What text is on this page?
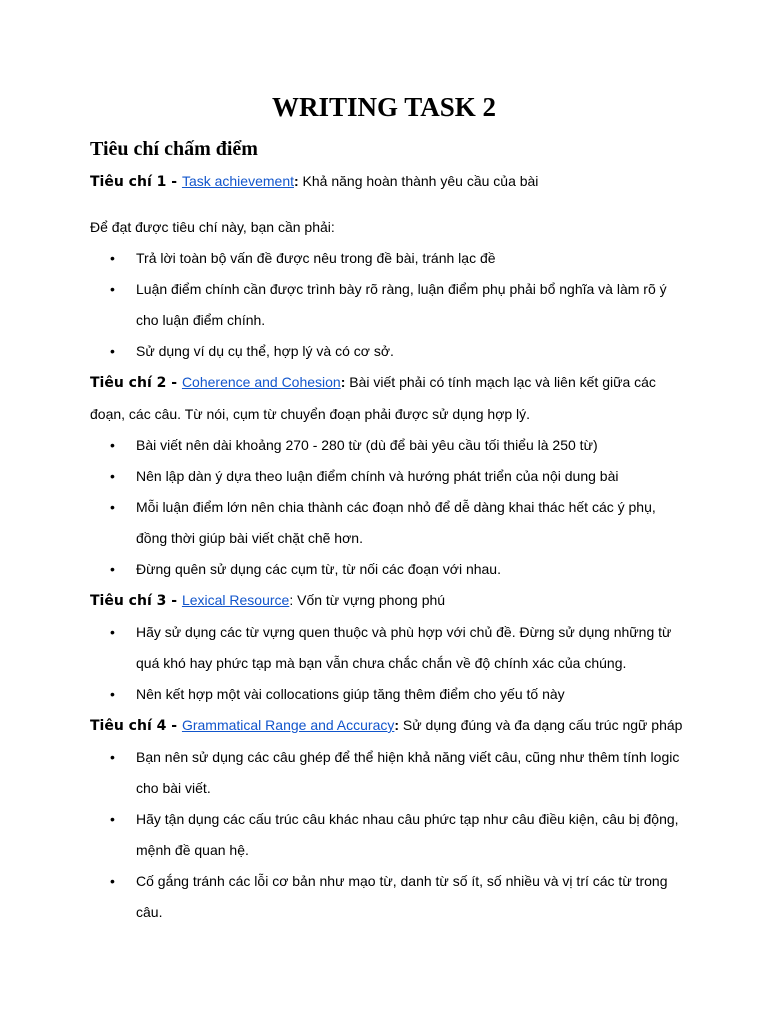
WRITING TASK 2
Tiêu chí chấm điểm

Tiêu chí 1 - Task achievement: Khả năng hoàn thành yêu cầu của bài

Để đạt được tiêu chí này, bạn cần phải:

• Trả lời toàn bộ vấn đề được nêu trong đề bài, tránh lạc đề
• Luận điểm chính cần được trình bày rõ ràng, luận điểm phụ phải bổ nghĩa và làm rõ ý cho luận điểm chính.
• Sử dụng ví dụ cụ thể, hợp lý và có cơ sở.

Tiêu chí 2 - Coherence and Cohesion: Bài viết phải có tính mạch lạc và liên kết giữa các đoạn, các câu. Từ nói, cụm từ chuyển đoạn phải được sử dụng hợp lý.

• Bài viết nên dài khoảng 270 - 280 từ (dù để bài yêu cầu tối thiểu là 250 từ)
• Nên lập dàn ý dựa theo luận điểm chính và hướng phát triển của nội dung bài
• Mỗi luận điểm lớn nên chia thành các đoạn nhỏ để dễ dàng khai thác hết các ý phụ, đồng thời giúp bài viết chặt chẽ hơn.
• Đừng quên sử dụng các cụm từ, từ nối các đoạn với nhau.

Tiêu chí 3 - Lexical Resource: Vốn từ vựng phong phú

• Hãy sử dụng các từ vựng quen thuộc và phù hợp với chủ đề. Đừng sử dụng những từ quá khó hay phức tạp mà bạn vẫn chưa chắc chắn về độ chính xác của chúng.
• Nên kết hợp một vài collocations giúp tăng thêm điểm cho yếu tố này

Tiêu chí 4 - Grammatical Range and Accuracy: Sử dụng đúng và đa dạng cấu trúc ngữ pháp

• Bạn nên sử dụng các câu ghép để thể hiện khả năng viết câu, cũng như thêm tính logic cho bài viết.
• Hãy tận dụng các cấu trúc câu khác nhau câu phức tạp như câu điều kiện, câu bị động, mệnh đề quan hệ.
• Cố gắng tránh các lỗi cơ bản như mạo từ, danh từ số ít, số nhiều và vị trí các từ trong câu.
